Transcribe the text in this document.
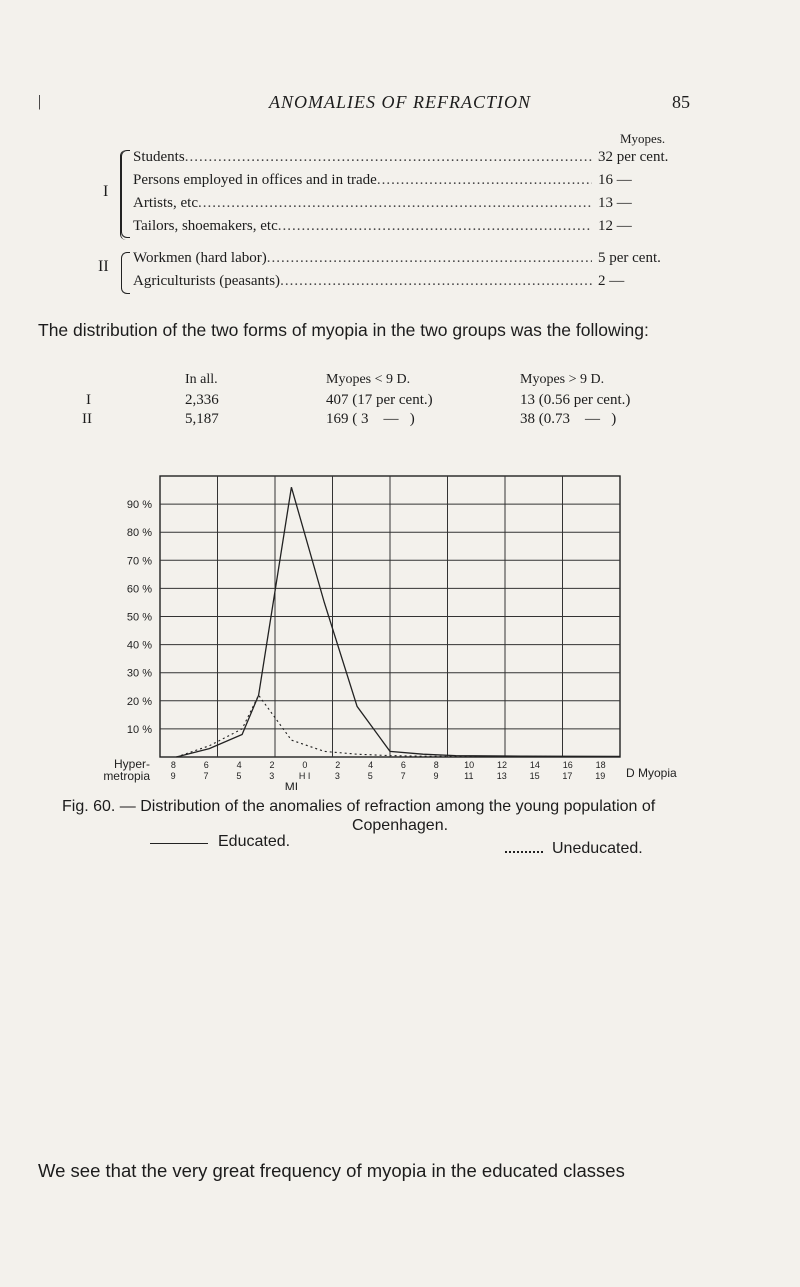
|	ANOMALIES OF REFRACTION	85
Myopes.
I
Students .....	32 per cent.
Persons employed in offices and in trade .....	16 —
Artists, etc .....	13 —
Tailors, shoemakers, etc .....	12 —
II Workmen (hard labor) .....	5 per cent.
Agriculturists (peasants) .....	2 —
The distribution of the two forms of myopia in the two groups was the following:
In all.	Myopes < 9 D.	Myopes > 9 D.
I	2,336	407 (17 per cent.)	13 (0.56 per cent.)
II	5,187	169 ( 3    —   )	38 (0.73    —   )
90 %
80 %
70 %
60 %
50 %
40 %
30 %
20 %
10 %
8	6	4	2	0	2	4	6	8	10	12	14	16	18
9	7	5	3	H I	3	5	7	9	11	13	15	17	19
MI
Hyper-
metropia	D Myopia
Fig. 60. — Distribution of the anomalies of refraction among the young population of
Copenhagen.
Educated.	Uneducated.
We see that the very great frequency of myopia in the educated classes
